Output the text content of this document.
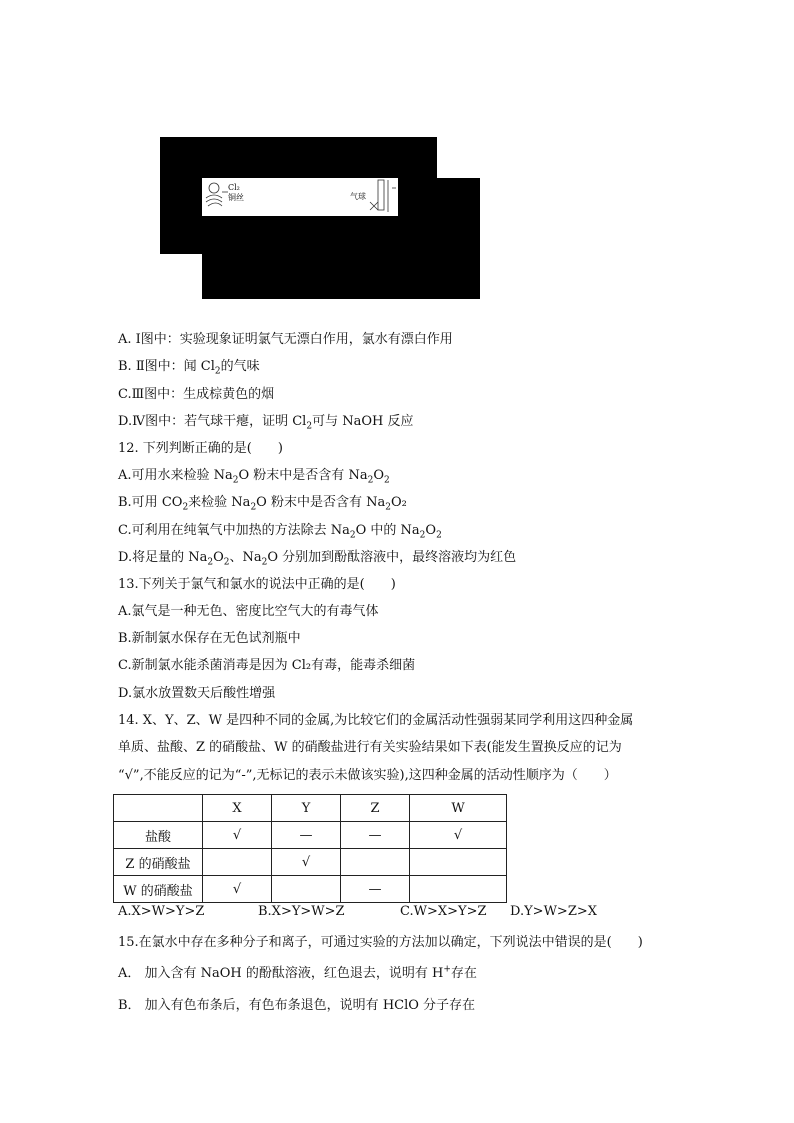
Cl₂
铜丝	气球
A. Ⅰ图中：实验现象证明氯气无漂白作用，氯水有漂白作用
B. Ⅱ图中：闻 $Cl_2$的气味
C.Ⅲ图中：生成棕黄色的烟
D.Ⅳ图中：若气球干瘪，证明 $Cl_2$可与 NaOH 反应
12. 下列判断正确的是(　　)
A.可用水来检验 $Na_2O$ 粉末中是否含有 $Na_2O_2$
B.可用 $CO_2$来检验 $Na_2O$ 粉末中是否含有 $Na_2O_2$
C.可利用在纯氧气中加热的方法除去 $Na_2O$ 中的 $Na_2O_2$
D.将足量的 $Na_2O_2$、$Na_2O$ 分别加到酚酞溶液中，最终溶液均为红色
13.下列关于氯气和氯水的说法中正确的是(　　)
A.氯气是一种无色、密度比空气大的有毒气体
B.新制氯水保存在无色试剂瓶中
C.新制氯水能杀菌消毒是因为 Cl₂有毒，能毒杀细菌
D.氯水放置数天后酸性增强
14. X、Y、Z、W 是四种不同的金属,为比较它们的金属活动性强弱某同学利用这四种金属
单质、盐酸、Z 的硝酸盐、W 的硝酸盐进行有关实验结果如下表(能发生置换反应的记为
“√”,不能反应的记为“-”,无标记的表示未做该实验),这四种金属的活动性顺序为（　　）
	X	Y	Z	W
盐酸	√	—	—	√
Z 的硝酸盐		√		
W 的硝酸盐	√		—	
A.X>W>Y>Z	B.X>Y>W>Z	C.W>X>Y>Z D.Y>W>Z>X
15.在氯水中存在多种分子和离子，可通过实验的方法加以确定，下列说法中错误的是(　　)
A． 加入含有 NaOH 的酚酞溶液，红色退去，说明有 H+存在
B． 加入有色布条后，有色布条退色，说明有 HClO 分子存在
